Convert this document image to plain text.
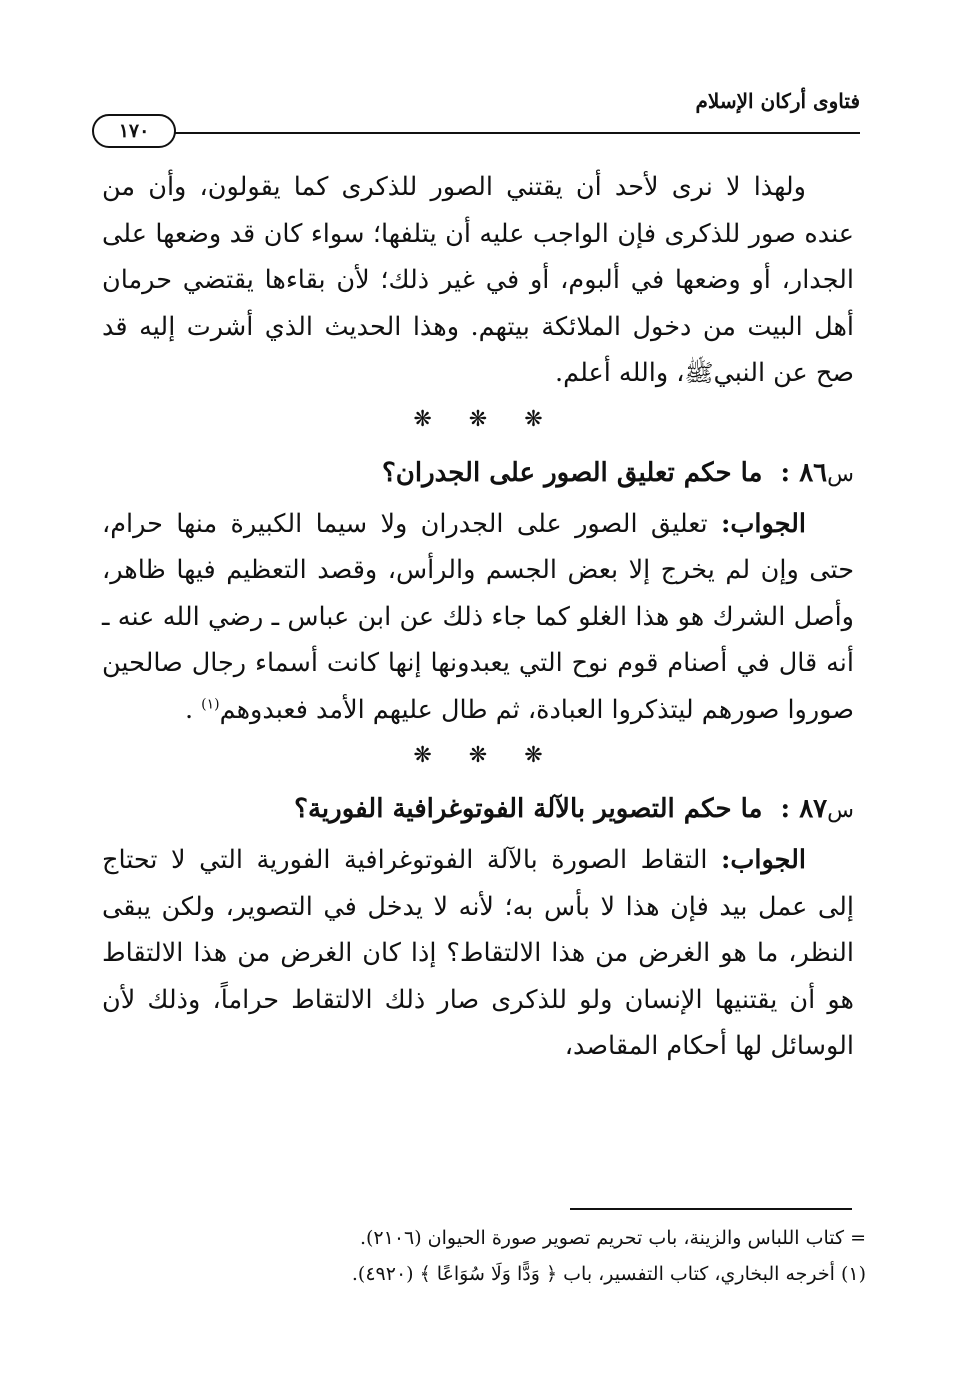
فتاوى أركان الإسلام
١٧٠

ولهذا لا نرى لأحد أن يقتني الصور للذكرى كما يقولون، وأن من عنده صور للذكرى فإن الواجب عليه أن يتلفها؛ سواء كان قد وضعها على الجدار، أو وضعها في ألبوم، أو في غير ذلك؛ لأن بقاءها يقتضي حرمان أهل البيت من دخول الملائكة بيتهم. وهذا الحديث الذي أشرت إليه قد صح عن النبيﷺ، والله أعلم.

❋ ❋ ❋
س٨٦ :  ما حكم تعليق الصور على الجدران؟

الجواب: تعليق الصور على الجدران ولا سيما الكبيرة منها حرام، حتى وإن لم يخرج إلا بعض الجسم والرأس، وقصد التعظيم فيها ظاهر، وأصل الشرك هو هذا الغلو كما جاء ذلك عن ابن عباس ـ رضي الله عنه ـ أنه قال في أصنام قوم نوح التي يعبدونها إنها كانت أسماء رجال صالحين صوروا صورهم ليتذكروا العبادة، ثم طال عليهم الأمد فعبدوهم$^{(١)}$ .

❋ ❋ ❋
س٨٧ :  ما حكم التصوير بالآلة الفوتوغرافية الفورية؟

الجواب: التقاط الصورة بالآلة الفوتوغرافية الفورية التي لا تحتاج إلى عمل بيد فإن هذا لا بأس به؛ لأنه لا يدخل في التصوير، ولكن يبقى النظر، ما هو الغرض من هذا الالتقاط؟ إذا كان الغرض من هذا الالتقاط هو أن يقتنيها الإنسان ولو للذكرى صار ذلك الالتقاط حراماً، وذلك لأن الوسائل لها أحكام المقاصد،

= كتاب اللباس والزينة، باب تحريم تصوير صورة الحيوان (٢١٠٦).

(١) أخرجه البخاري، كتاب التفسير، باب ﴿ وَدًّا وَلَا سُوَاعًا ﴾ (٤٩٢٠).
